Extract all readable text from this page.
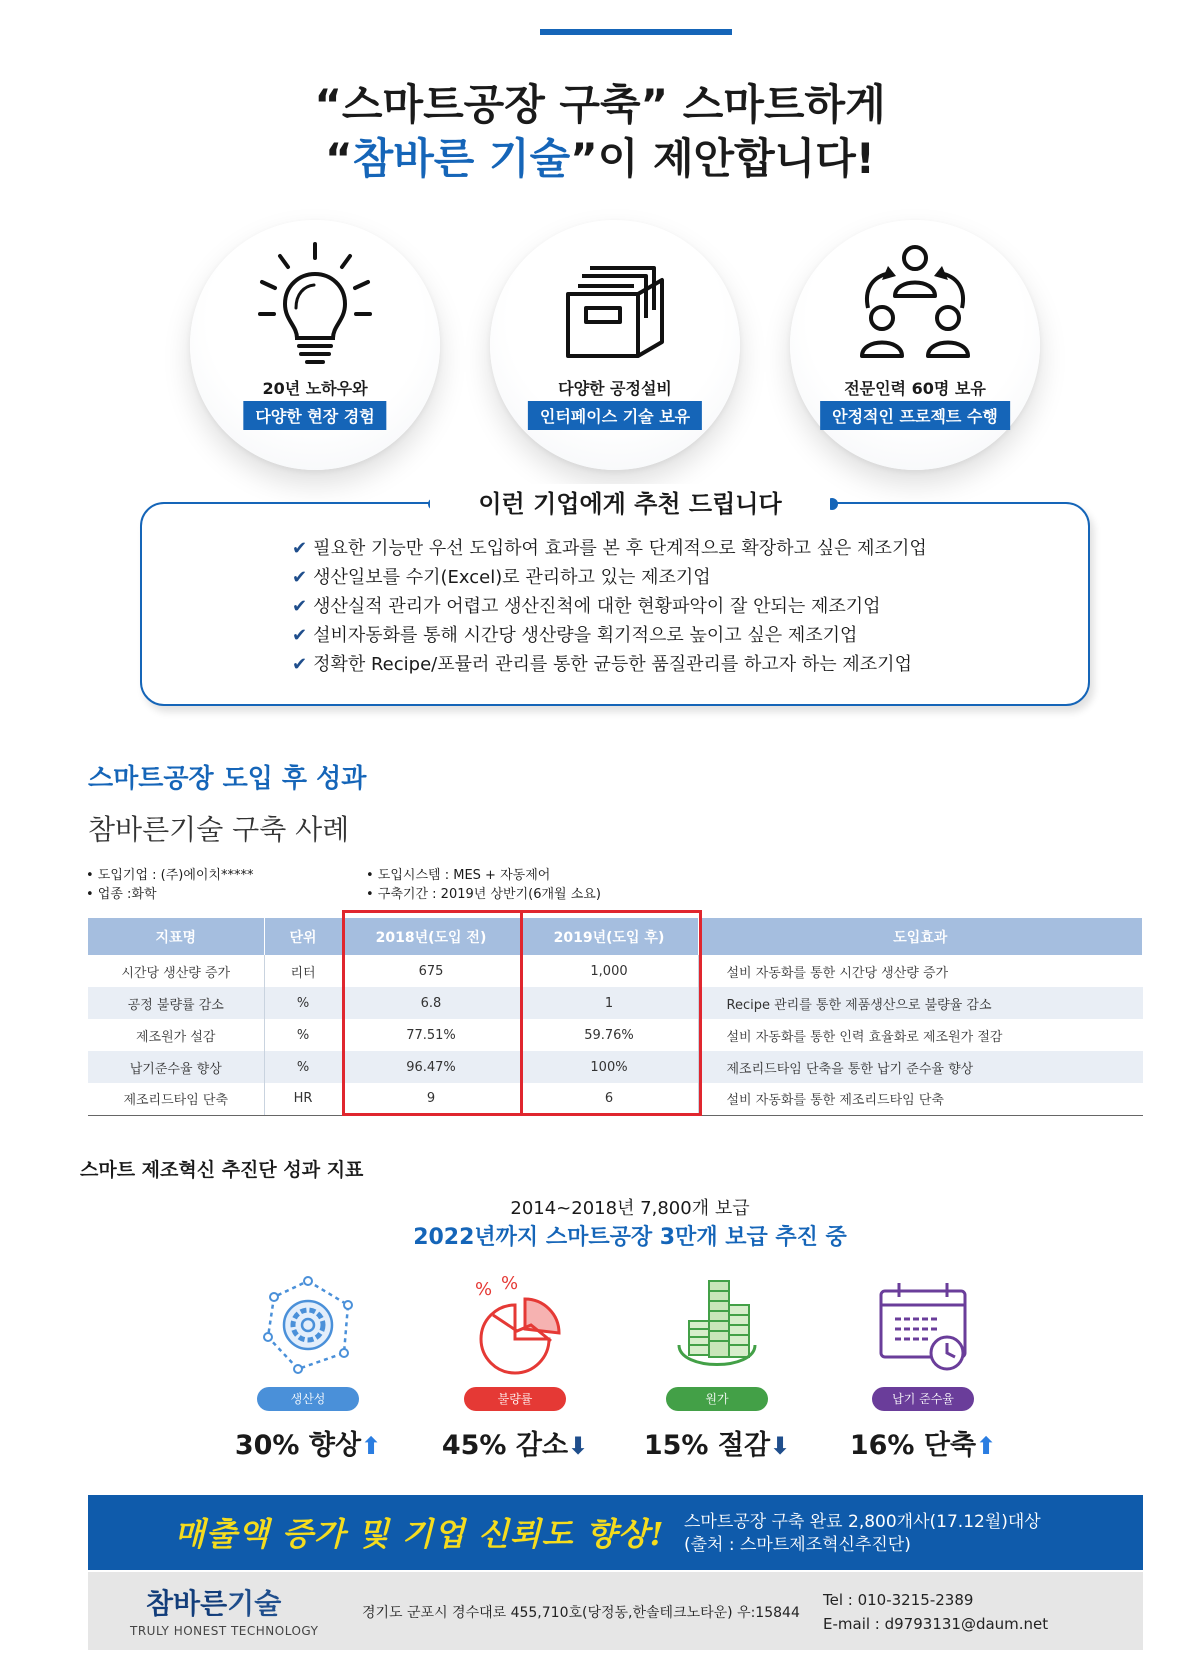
“스마트공장 구축” 스마트하게
“참바른 기술”이 제안합니다!
20년 노하우와
다양한 현장 경험
다양한 공정설비
인터페이스 기술 보유
전문인력 60명 보유
안정적인 프로젝트 수행
이런 기업에게 추천 드립니다
✔ 필요한 기능만 우선 도입하여 효과를 본 후 단계적으로 확장하고 싶은 제조기업
✔ 생산일보를 수기(Excel)로 관리하고 있는 제조기업
✔ 생산실적 관리가 어렵고 생산진척에 대한 현황파악이 잘 안되는 제조기업
✔ 설비자동화를 통해 시간당 생산량을 획기적으로 높이고 싶은 제조기업
✔ 정확한 Recipe/포뮬러 관리를 통한 균등한 품질관리를 하고자 하는 제조기업
스마트공장 도입 후 성과
참바른기술 구축 사례
• 도입기업 : (주)에이치*****
• 업종 :화학
• 도입시스템 : MES + 자동제어
• 구축기간 : 2019년 상반기(6개월 소요)
지표명	단위	2018년(도입 전)	2019년(도입 후)	도입효과
시간당 생산량 증가	리터	675	1,000	설비 자동화를 통한 시간당 생산량 증가
공정 불량률 감소	%	6.8	1	Recipe 관리를 통한 제품생산으로 불량율 감소
제조원가 설감	%	77.51%	59.76%	설비 자동화를 통한 인력 효율화로 제조원가 절감
납기준수율 향상	%	96.47%	100%	제조리드타임 단축을 통한 납기 준수율 향상
제조리드타임 단축	HR	9	6	설비 자동화를 통한 제조리드타임 단축
스마트 제조혁신 추진단 성과 지표
2014~2018년 7,800개 보급
2022년까지 스마트공장 3만개 보급 추진 중
생산성
30% 향상⬆
% %
불량률
45% 감소⬇
원가
15% 절감⬇
납기 준수율
16% 단축⬆
매출액 증가 및 기업 신뢰도 향상! 스마트공장 구축 완료 2,800개사(17.12월)대상
(출처 : 스마트제조혁신추진단)
참바른기술
TRULY HONEST TECHNOLOGY
경기도 군포시 경수대로 455,710호(당정동,한솔테크노타운) 우:15844
Tel : 010-3215-2389
E-mail : d9793131@daum.net
